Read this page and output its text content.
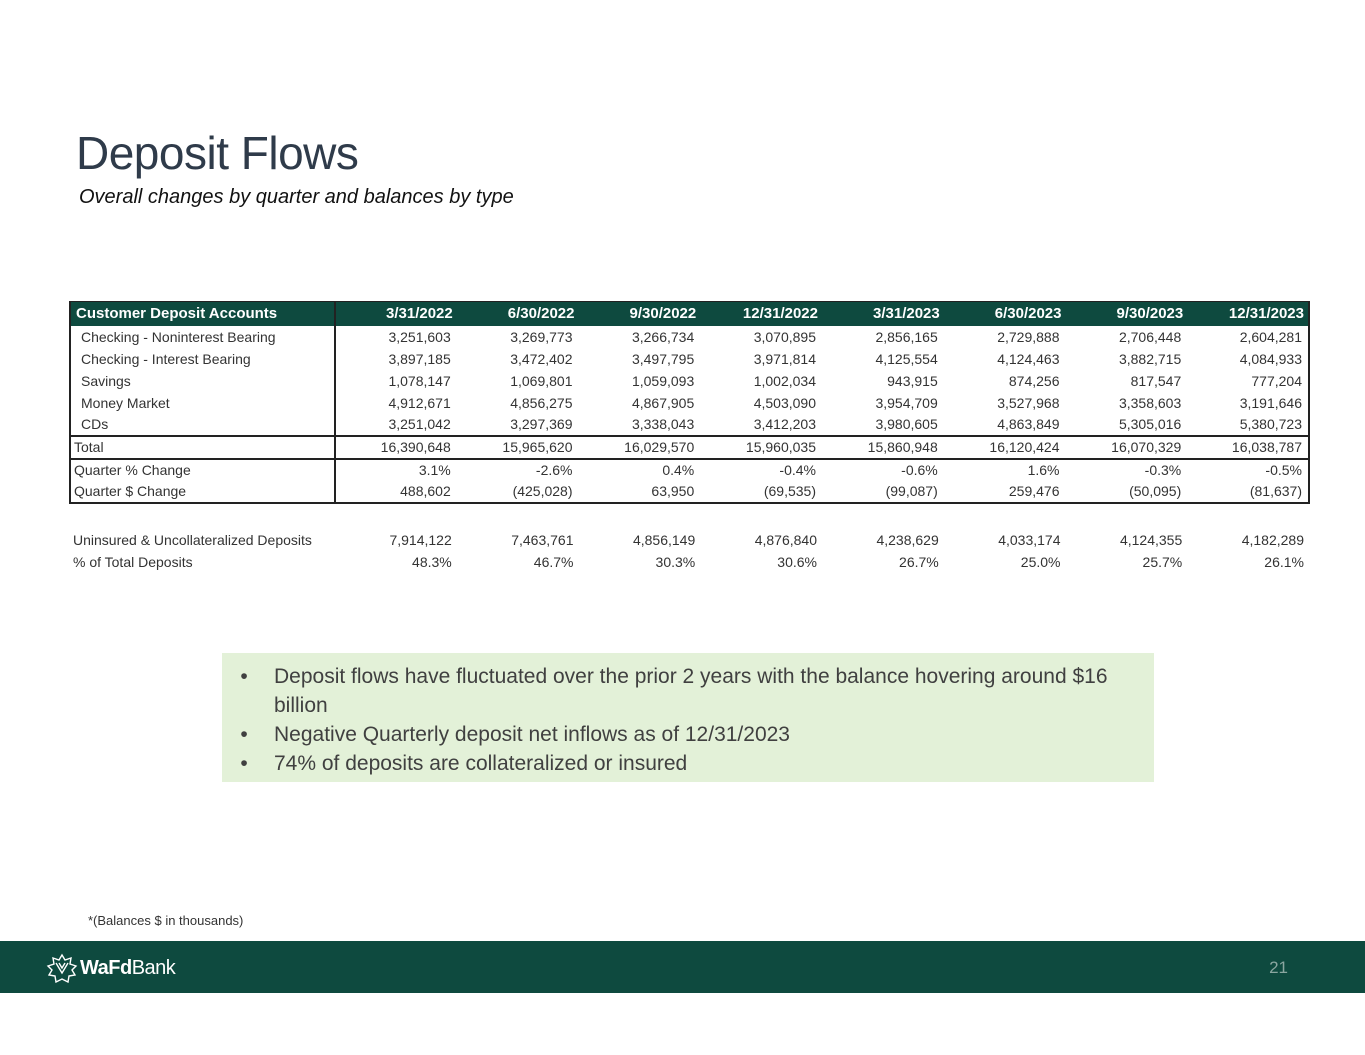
Deposit Flows
Overall changes by quarter and balances by type
Customer Deposit Accounts	3/31/2022	6/30/2022	9/30/2022	12/31/2022	3/31/2023	6/30/2023	9/30/2023	12/31/2023
Checking - Noninterest Bearing	3,251,603	3,269,773	3,266,734	3,070,895	2,856,165	2,729,888	2,706,448	2,604,281
Checking - Interest Bearing	3,897,185	3,472,402	3,497,795	3,971,814	4,125,554	4,124,463	3,882,715	4,084,933
Savings	1,078,147	1,069,801	1,059,093	1,002,034	943,915	874,256	817,547	777,204
Money Market	4,912,671	4,856,275	4,867,905	4,503,090	3,954,709	3,527,968	3,358,603	3,191,646
CDs	3,251,042	3,297,369	3,338,043	3,412,203	3,980,605	4,863,849	5,305,016	5,380,723
Total	16,390,648	15,965,620	16,029,570	15,960,035	15,860,948	16,120,424	16,070,329	16,038,787
Quarter % Change	3.1%	-2.6%	0.4%	-0.4%	-0.6%	1.6%	-0.3%	-0.5%
Quarter $ Change	488,602	(425,028)	63,950	(69,535)	(99,087)	259,476	(50,095)	(81,637)
Uninsured & Uncollateralized Deposits	7,914,122	7,463,761	4,856,149	4,876,840	4,238,629	4,033,174	4,124,355	4,182,289
% of Total Deposits	48.3%	46.7%	30.3%	30.6%	26.7%	25.0%	25.7%	26.1%
•	Deposit flows have fluctuated over the prior 2 years with the balance hovering around $16 billion
•	Negative Quarterly deposit net inflows as of 12/31/2023
•	74% of deposits are collateralized or insured
*(Balances $ in thousands)
WaFdBank	21
